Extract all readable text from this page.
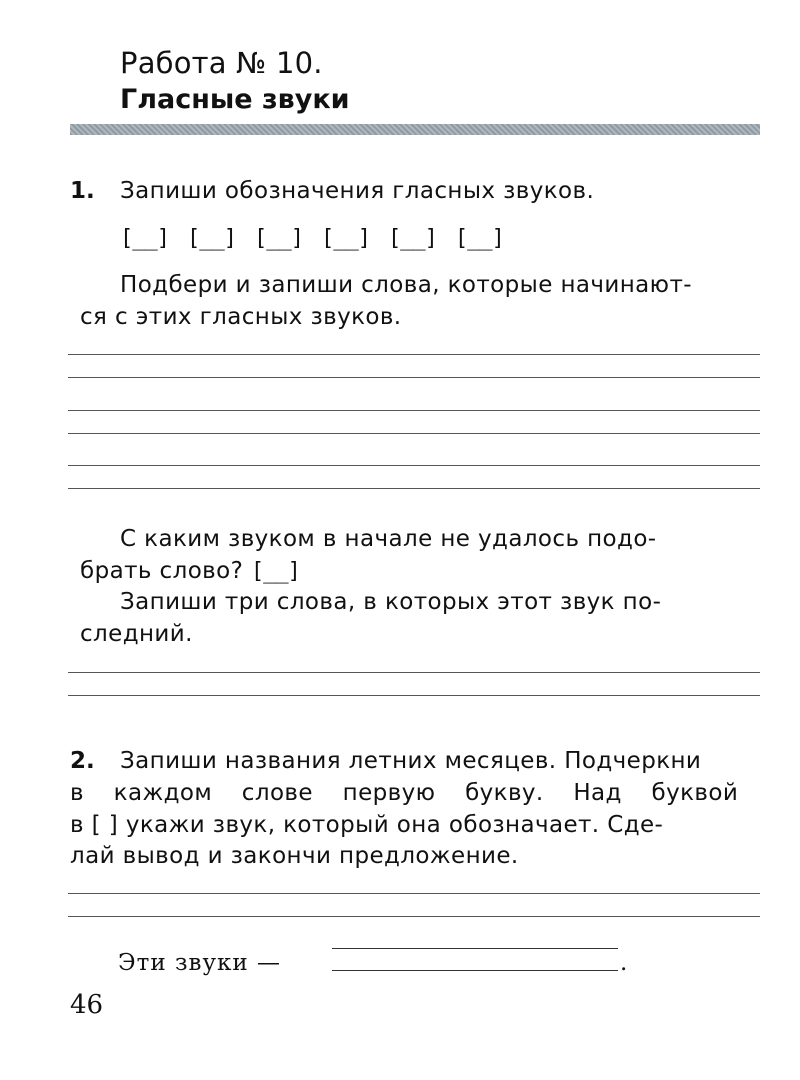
Работа № 10.
Гласные звуки
1. Запиши обозначения гласных звуков.
[__] [__] [__] [__] [__] [__]
Подбери и запиши слова, которые начинают-
ся с этих гласных звуков.
С каким звуком в начале не удалось подо-
брать слово? [__]
Запиши три слова, в которых этот звук по-
следний.
2. Запиши названия летних месяцев. Подчеркни
в каждом слове первую букву. Над буквой
в [ ] укажи звук, который она обозначает. Сде-
лай вывод и закончи предложение.
Эти звуки —	.
46
